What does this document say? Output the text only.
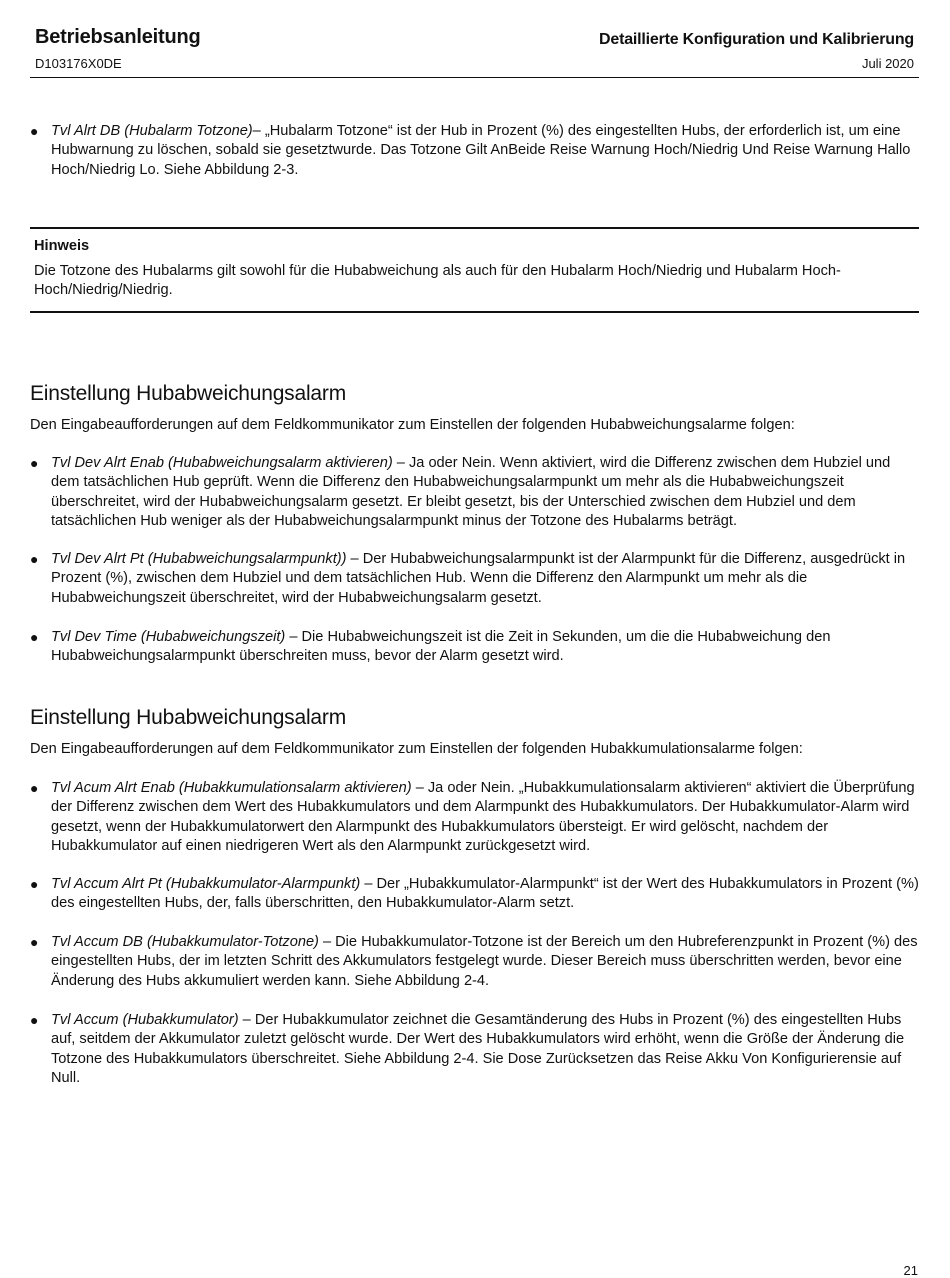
Betriebsanleitung
D103176X0DE
Detaillierte Konfiguration und Kalibrierung
Juli 2020
● Tvl Alrt DB (Hubalarm Totzone)– „Hubalarm Totzone“ ist der Hub in Prozent (%) des eingestellten Hubs, der erforderlich ist, um eine Hubwarnung zu löschen, sobald sie gesetztwurde. Das Totzone Gilt AnBeide Reise Warnung Hoch/Niedrig Und Reise Warnung Hallo Hoch/Niedrig Lo. Siehe Abbildung 2-3.
Hinweis
Die Totzone des Hubalarms gilt sowohl für die Hubabweichung als auch für den Hubalarm Hoch/Niedrig und Hubalarm Hoch-Hoch/Niedrig/Niedrig.
Einstellung Hubabweichungsalarm
Den Eingabeaufforderungen auf dem Feldkommunikator zum Einstellen der folgenden Hubabweichungsalarme folgen:
● Tvl Dev Alrt Enab (Hubabweichungsalarm aktivieren) – Ja oder Nein. Wenn aktiviert, wird die Differenz zwischen dem Hubziel und dem tatsächlichen Hub geprüft. Wenn die Differenz den Hubabweichungsalarmpunkt um mehr als die Hubabweichungszeit überschreitet, wird der Hubabweichungsalarm gesetzt. Er bleibt gesetzt, bis der Unterschied zwischen dem Hubziel und dem tatsächlichen Hub weniger als der Hubabweichungsalarmpunkt minus der Totzone des Hubalarms beträgt.
● Tvl Dev Alrt Pt (Hubabweichungsalarmpunkt)) – Der Hubabweichungsalarmpunkt ist der Alarmpunkt für die Differenz, ausgedrückt in Prozent (%), zwischen dem Hubziel und dem tatsächlichen Hub. Wenn die Differenz den Alarmpunkt um mehr als die Hubabweichungszeit überschreitet, wird der Hubabweichungsalarm gesetzt.
● Tvl Dev Time (Hubabweichungszeit) – Die Hubabweichungszeit ist die Zeit in Sekunden, um die die Hubabweichung den Hubabweichungsalarmpunkt überschreiten muss, bevor der Alarm gesetzt wird.
Einstellung Hubabweichungsalarm
Den Eingabeaufforderungen auf dem Feldkommunikator zum Einstellen der folgenden Hubakkumulationsalarme folgen:
● Tvl Acum Alrt Enab (Hubakkumulationsalarm aktivieren) – Ja oder Nein. „Hubakkumulationsalarm aktivieren“ aktiviert die Überprüfung der Differenz zwischen dem Wert des Hubakkumulators und dem Alarmpunkt des Hubakkumulators. Der Hubakkumulator-Alarm wird gesetzt, wenn der Hubakkumulatorwert den Alarmpunkt des Hubakkumulators übersteigt. Er wird gelöscht, nachdem der Hubakkumulator auf einen niedrigeren Wert als den Alarmpunkt zurückgesetzt wird.
● Tvl Accum Alrt Pt (Hubakkumulator-Alarmpunkt) – Der „Hubakkumulator-Alarmpunkt“ ist der Wert des Hubakkumulators in Prozent (%) des eingestellten Hubs, der, falls überschritten, den Hubakkumulator-Alarm setzt.
● Tvl Accum DB (Hubakkumulator-Totzone) – Die Hubakkumulator-Totzone ist der Bereich um den Hubreferenzpunkt in Prozent (%) des eingestellten Hubs, der im letzten Schritt des Akkumulators festgelegt wurde. Dieser Bereich muss überschritten werden, bevor eine Änderung des Hubs akkumuliert werden kann. Siehe Abbildung 2-4.
● Tvl Accum (Hubakkumulator) – Der Hubakkumulator zeichnet die Gesamtänderung des Hubs in Prozent (%) des eingestellten Hubs auf, seitdem der Akkumulator zuletzt gelöscht wurde. Der Wert des Hubakkumulators wird erhöht, wenn die Größe der Änderung die Totzone des Hubakkumulators überschreitet. Siehe Abbildung 2-4. Sie Dose Zurücksetzen das Reise Akku Von Konfigurierensie auf Null.
21
